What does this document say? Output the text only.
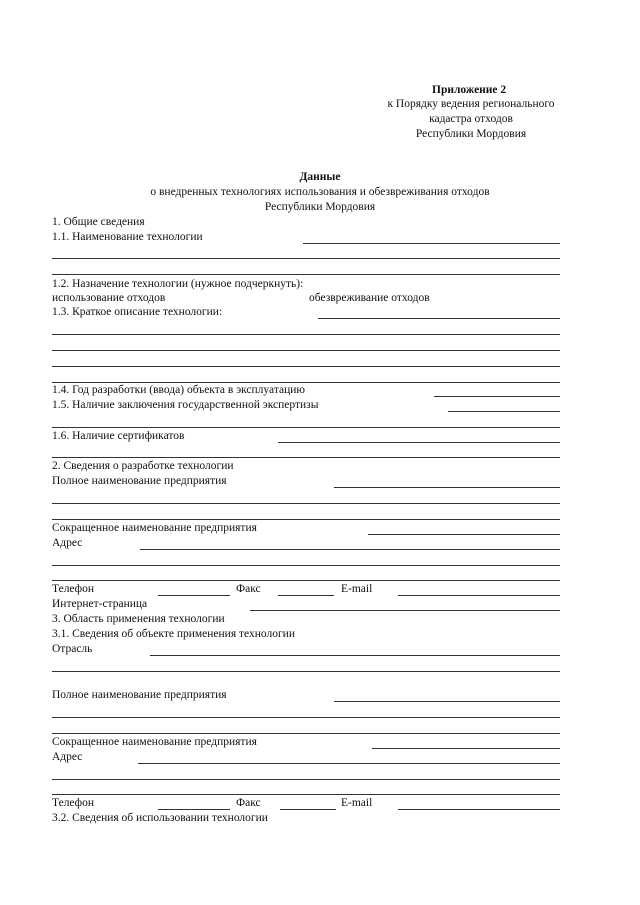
Приложение 2
к Порядку ведения регионального
кадастра отходов
Республики Мордовия
Данные
о внедренных технологиях использования и обезвреживания отходов
Республики Мордовия
1. Общие сведения
1.1. Наименование технологии
1.2. Назначение технологии (нужное подчеркнуть):
использование отходов	обезвреживание отходов
1.3. Краткое описание технологии:
1.4. Год разработки (ввода) объекта в эксплуатацию
1.5. Наличие заключения государственной экспертизы
1.6. Наличие сертификатов
2. Сведения о разработке технологии
Полное наименование предприятия
Сокращенное наименование предприятия
Адрес
Телефон	Факс	E-mail
Интернет-страница
3. Область применения технологии
3.1. Сведения об объекте применения технологии
Отрасль
Полное наименование предприятия
Сокращенное наименование предприятия
Адрес
Телефон	Факс	E-mail
3.2. Сведения об использовании технологии
